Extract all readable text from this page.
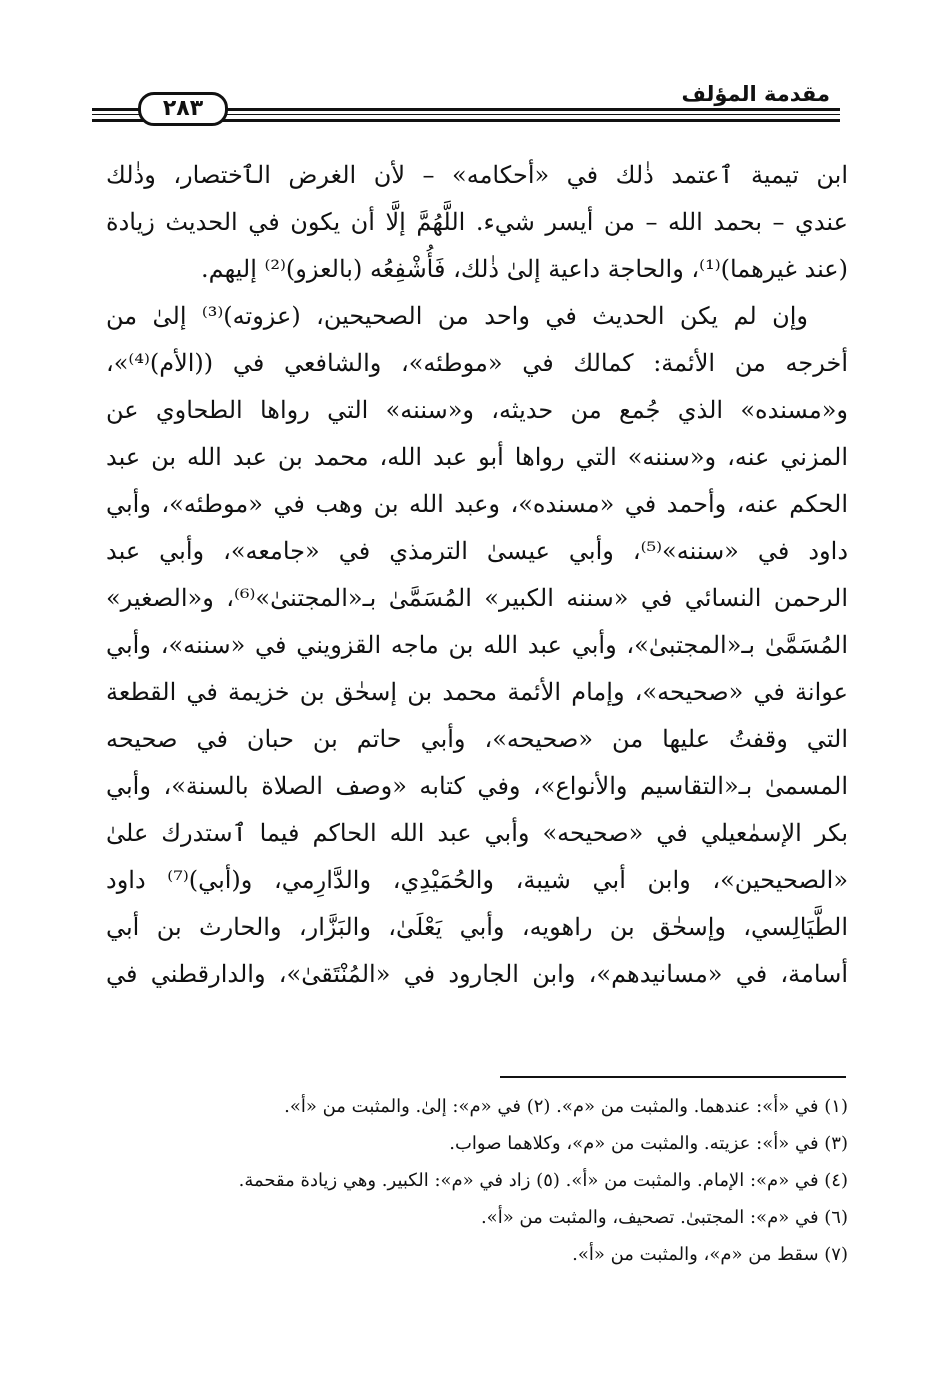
مقدمة المؤلف
٢٨٣
ابن تيمية ٱعتمد ذٰلك في «أحكامه» – لأن الغرض الٱختصار، وذٰلك
عندي – بحمد الله – من أيسر شيء. اللَّهُمَّ إلَّا أن يكون في الحديث زيادة
(عند غيرهما)⁽¹⁾، والحاجة داعية إلىٰ ذٰلك، فَأُشْفِعُه (بالعزو)⁽²⁾ إليهم.
وإن لم يكن الحديث في واحد من الصحيحين، (عزوته)⁽³⁾ إلىٰ من
أخرجه من الأئمة: كمالك في «موطئه»، والشافعي في ((الأم)⁽⁴⁾»،
و«مسنده» الذي جُمع من حديثه، و«سننه» التي رواها الطحاوي عن
المزني عنه، و«سننه» التي رواها أبو عبد الله، محمد بن عبد الله بن عبد
الحكم عنه، وأحمد في «مسنده»، وعبد الله بن وهب في «موطئه»، وأبي
داود في «سننه»⁽⁵⁾، وأبي عيسىٰ الترمذي في «جامعه»، وأبي عبد
الرحمن النسائي في «سننه الكبير» المُسَمَّىٰ بـ«المجتنىٰ»⁽⁶⁾، و«الصغير»
المُسَمَّىٰ بـ«المجتبىٰ»، وأبي عبد الله بن ماجه القزويني في «سننه»، وأبي
عوانة في «صحيحه»، وإمام الأئمة محمد بن إسحٰق بن خزيمة في القطعة
التي وقفتُ عليها من «صحيحه»، وأبي حاتم بن حبان في صحيحه
المسمىٰ بـ«التقاسيم والأنواع»، وفي كتابه «وصف الصلاة بالسنة»، وأبي
بكر الإسمٰعيلي في «صحيحه» وأبي عبد الله الحاكم فيما ٱستدرك علىٰ
«الصحيحين»، وابن أبي شيبة، والحُمَيْدِي، والدَّارِمي، و(أبي)⁽⁷⁾ داود
الطَّيَالِسي، وإسحٰق بن راهويه، وأبي يَعْلَىٰ، والبَزَّار، والحارث بن أبي
أسامة، في «مسانيدهم»، وابن الجارود في «المُنْتَقىٰ»، والدارقطني في
(١) في «أ»: عندهما. والمثبت من «م». (٢) في «م»: إلىٰ. والمثبت من «أ».
(٣) في «أ»: عزيته. والمثبت من «م»، وكلاهما صواب.
(٤) في «م»: الإمام. والمثبت من «أ». (٥) زاد في «م»: الكبير. وهي زيادة مقحمة.
(٦) في «م»: المجتبىٰ. تصحيف، والمثبت من «أ».
(٧) سقط من «م»، والمثبت من «أ».
